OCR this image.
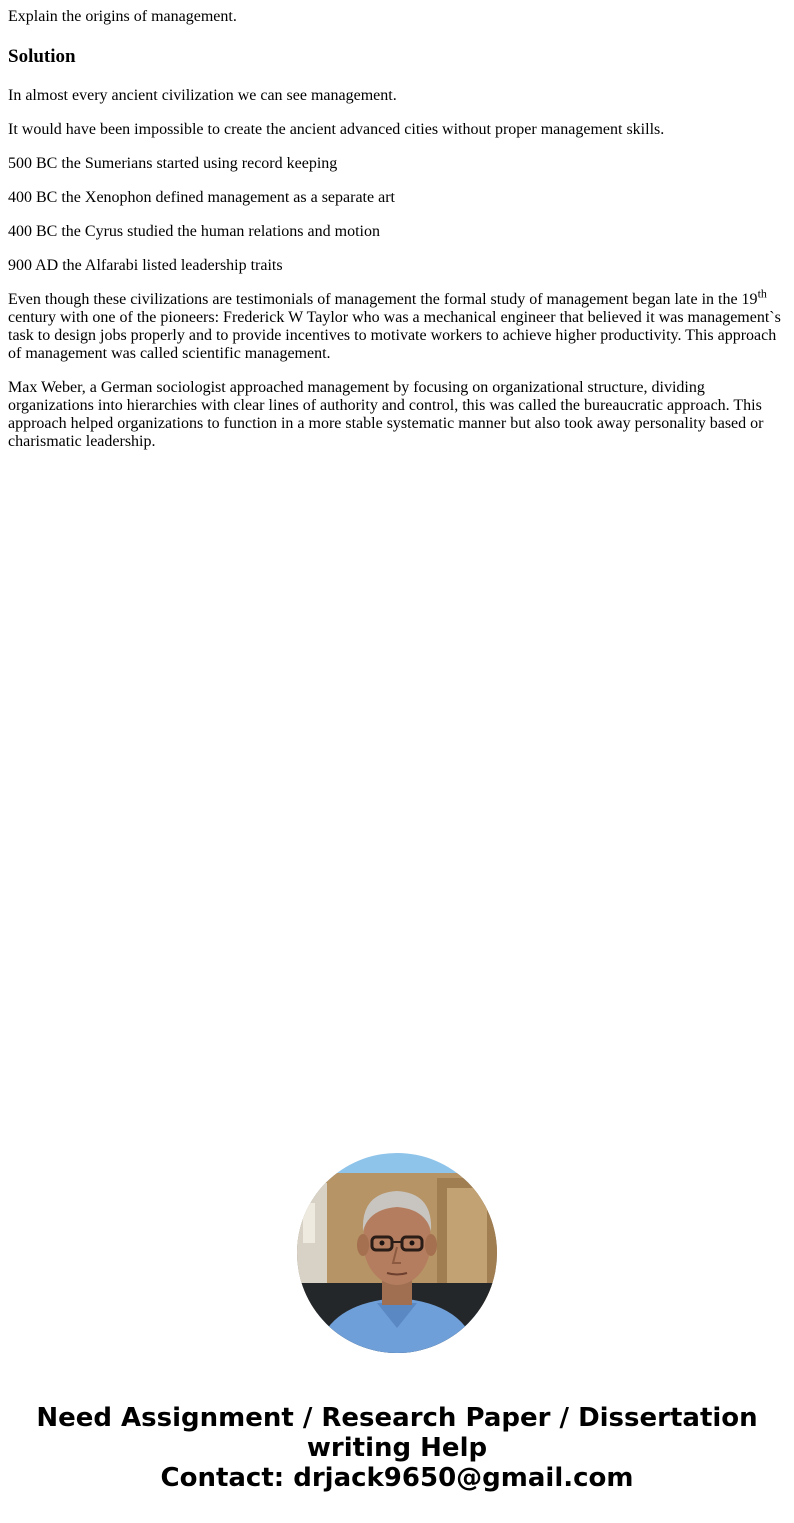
Explain the origins of management.

Solution

In almost every ancient civilization we can see management.

It would have been impossible to create the ancient advanced cities without proper management skills.

500 BC the Sumerians started using record keeping

400 BC the Xenophon defined management as a separate art

400 BC the Cyrus studied the human relations and motion

900 AD the Alfarabi listed leadership traits

Even though these civilizations are testimonials of management the formal study of management began late in the 19th century with one of the pioneers: Frederick W Taylor who was a mechanical engineer that believed it was management`s task to design jobs properly and to provide incentives to motivate workers to achieve higher productivity. This approach of management was called scientific management.

Max Weber, a German sociologist approached management by focusing on organizational structure, dividing organizations into hierarchies with clear lines of authority and control, this was called the bureaucratic approach. This approach helped organizations to function in a more stable systematic manner but also took away personality based or charismatic leadership.

Need Assignment / Research Paper / Dissertation
writing Help
Contact: drjack9650@gmail.com
